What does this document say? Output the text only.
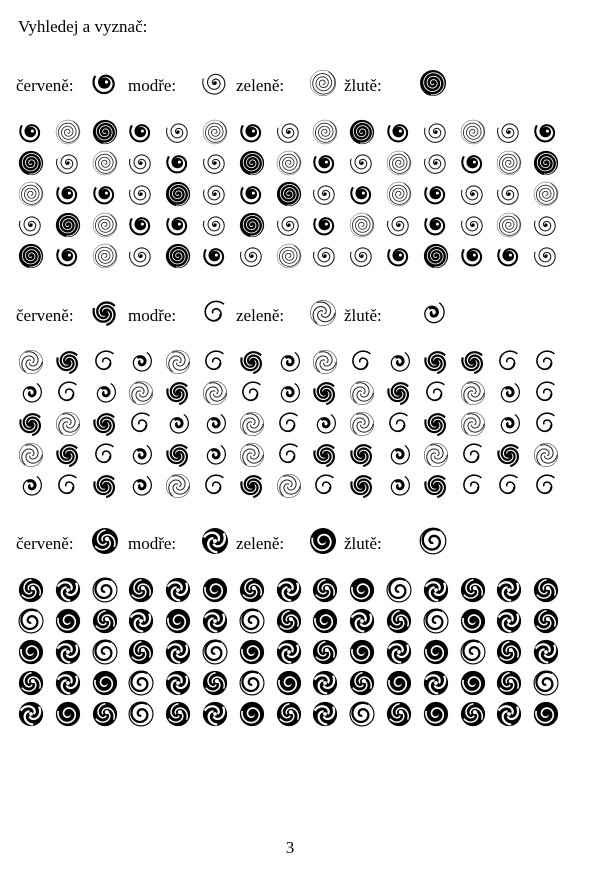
Vyhledej a vyznač:
červeně:	modře:	zeleně:	žlutě:
červeně:	modře:	zeleně:	žlutě:
červeně:	modře:	zeleně:	žlutě:
3
